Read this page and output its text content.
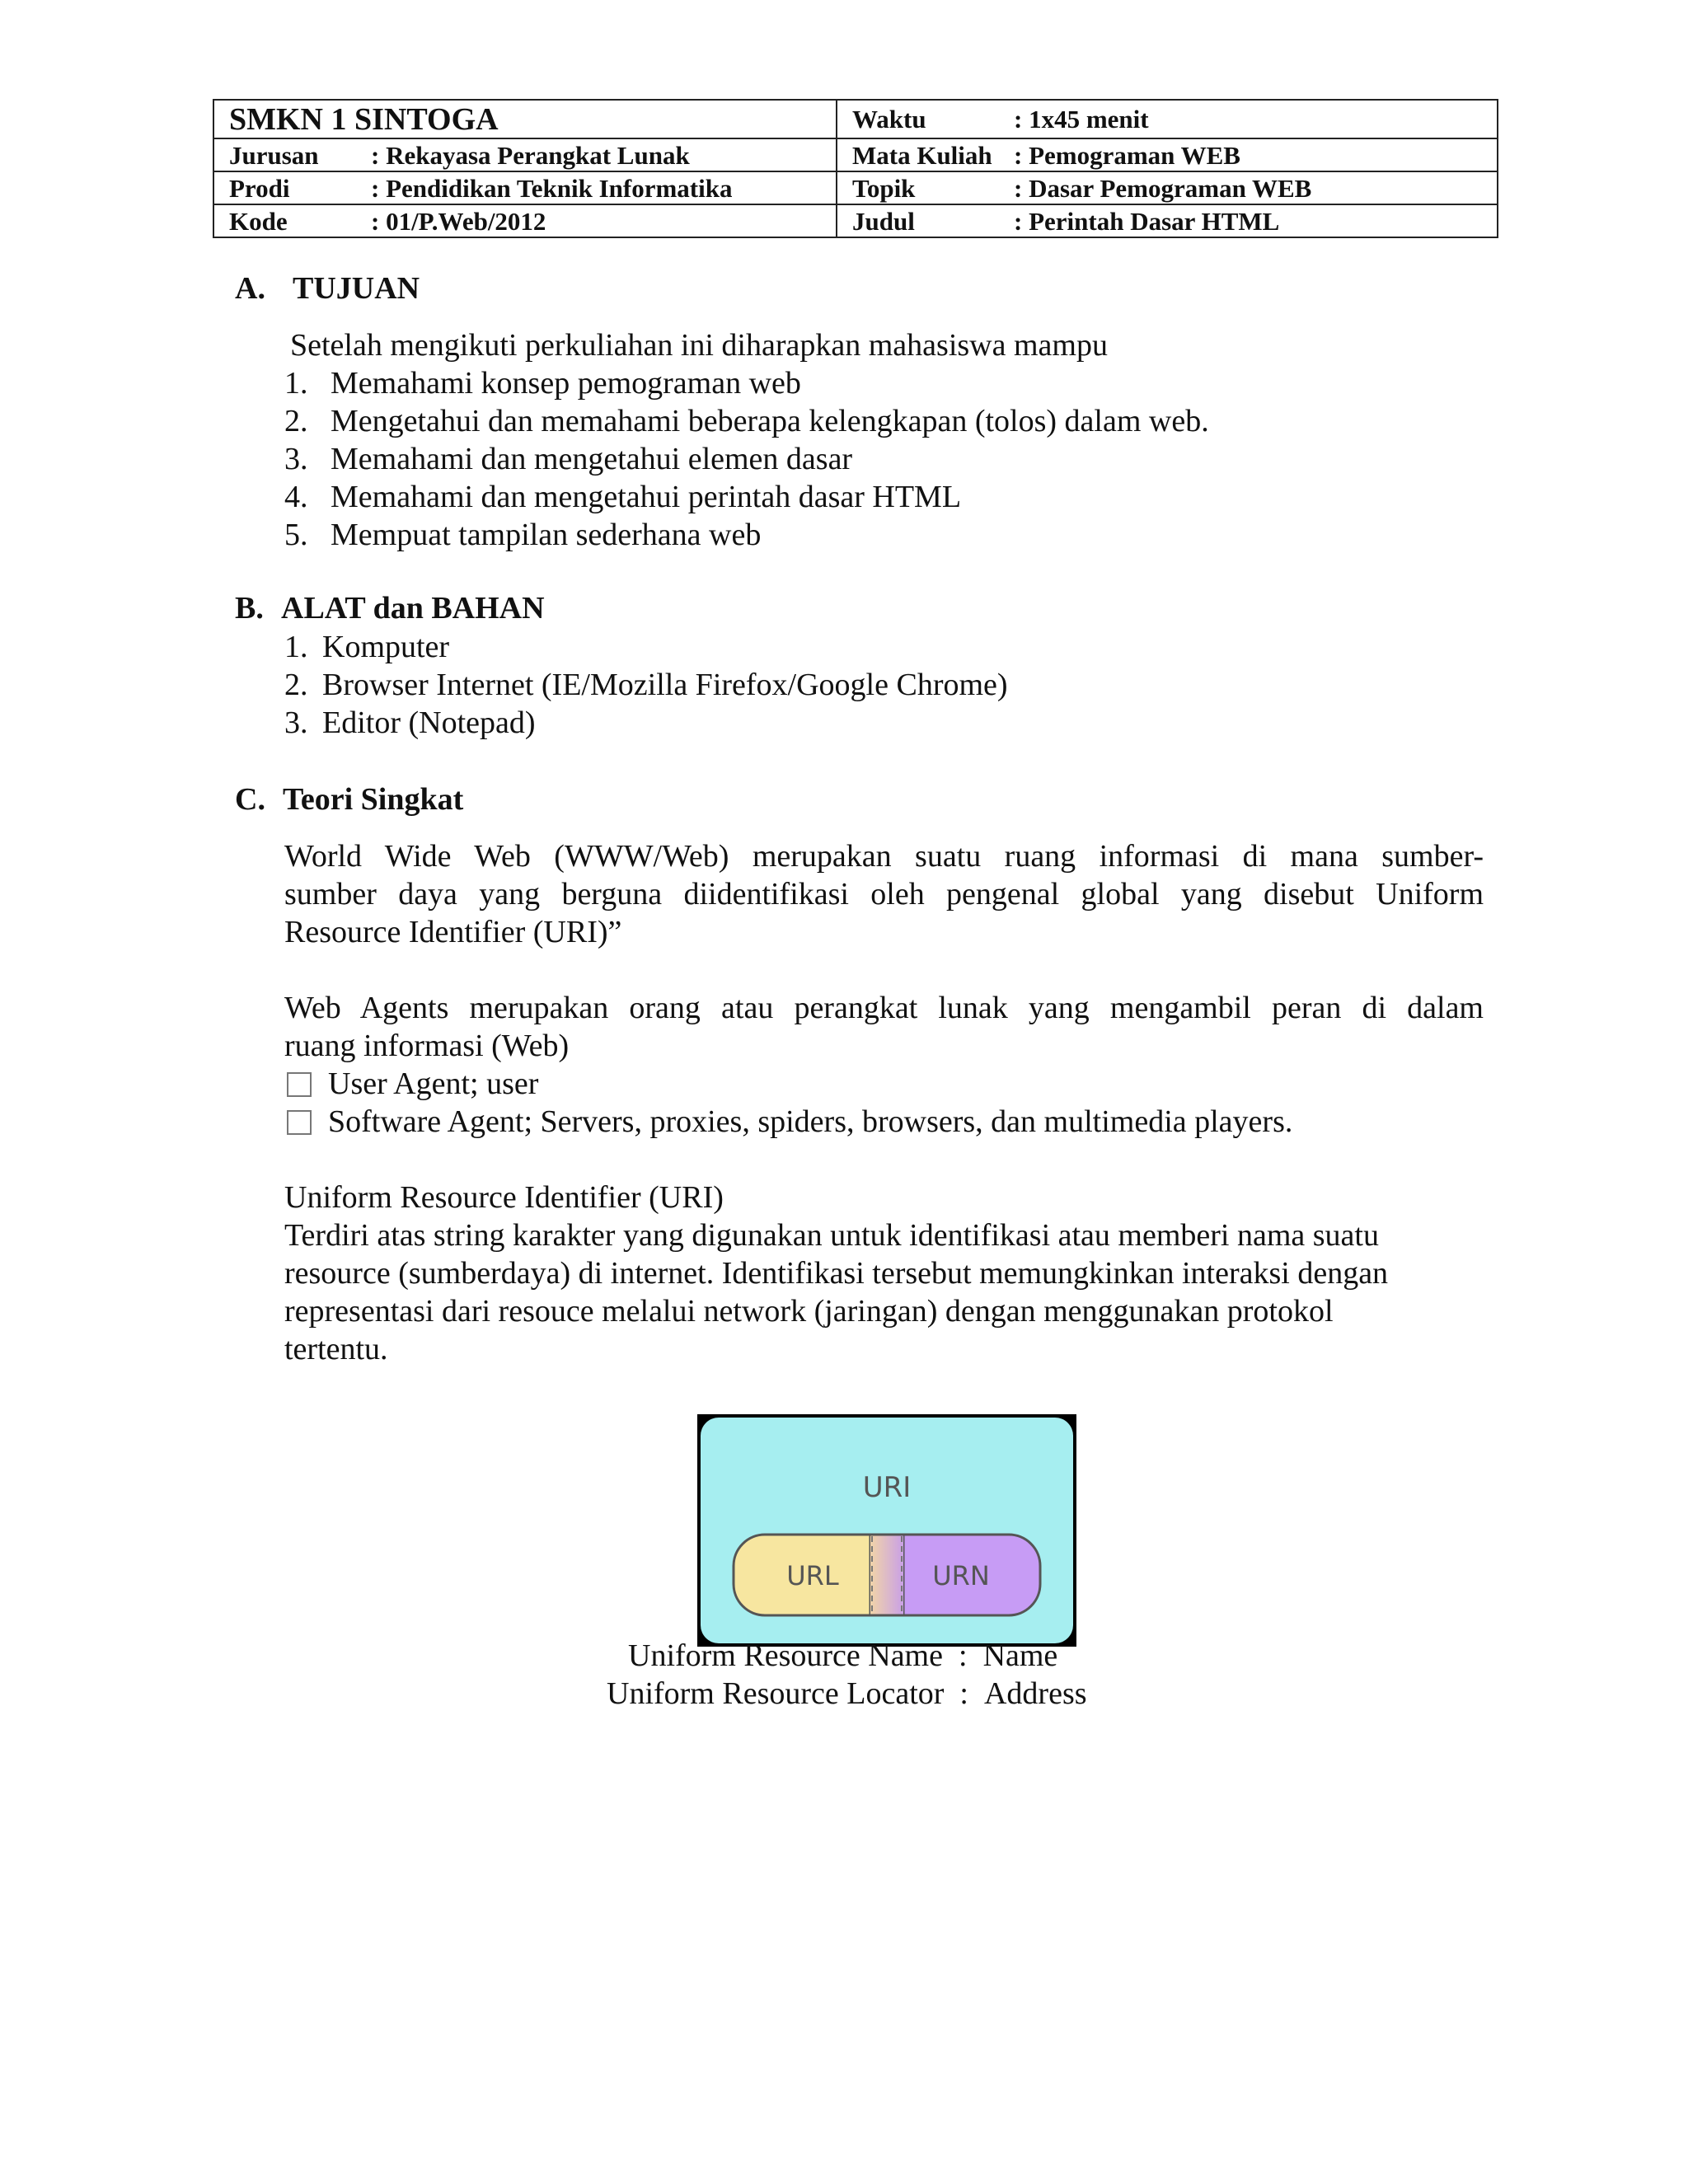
SMKN 1 SINTOGA	Waktu : 1x45 menit
Jurusan : Rekayasa Perangkat Lunak	Mata Kuliah : Pemograman WEB
Prodi : Pendidikan Teknik Informatika	Topik : Dasar Pemograman WEB
Kode : 01/P.Web/2012	Judul : Perintah Dasar HTML
A. TUJUAN
Setelah mengikuti perkuliahan ini diharapkan mahasiswa mampu
1. Memahami konsep pemograman web
2. Mengetahui dan memahami beberapa kelengkapan (tolos) dalam web.
3. Memahami dan mengetahui elemen dasar
4. Memahami dan mengetahui perintah dasar HTML
5. Mempuat tampilan sederhana web
B. ALAT dan BAHAN
1. Komputer
2. Browser Internet (IE/Mozilla Firefox/Google Chrome)
3. Editor (Notepad)
C. Teori Singkat
World Wide Web (WWW/Web) merupakan suatu ruang informasi di mana sumber-
sumber daya yang berguna diidentifikasi oleh pengenal global yang disebut Uniform
Resource Identifier (URI)”
Web Agents merupakan orang atau perangkat lunak yang mengambil peran di dalam
ruang informasi (Web)
User Agent; user
Software Agent; Servers, proxies, spiders, browsers, dan multimedia players.
Uniform Resource Identifier (URI)
Terdiri atas string karakter yang digunakan untuk identifikasi atau memberi nama suatu
resource (sumberdaya) di internet. Identifikasi tersebut memungkinkan interaksi dengan
representasi dari resouce melalui network (jaringan) dengan menggunakan protokol
tertentu.
URI
URL	URN
Uniform Resource Name : Name
Uniform Resource Locator : Address
